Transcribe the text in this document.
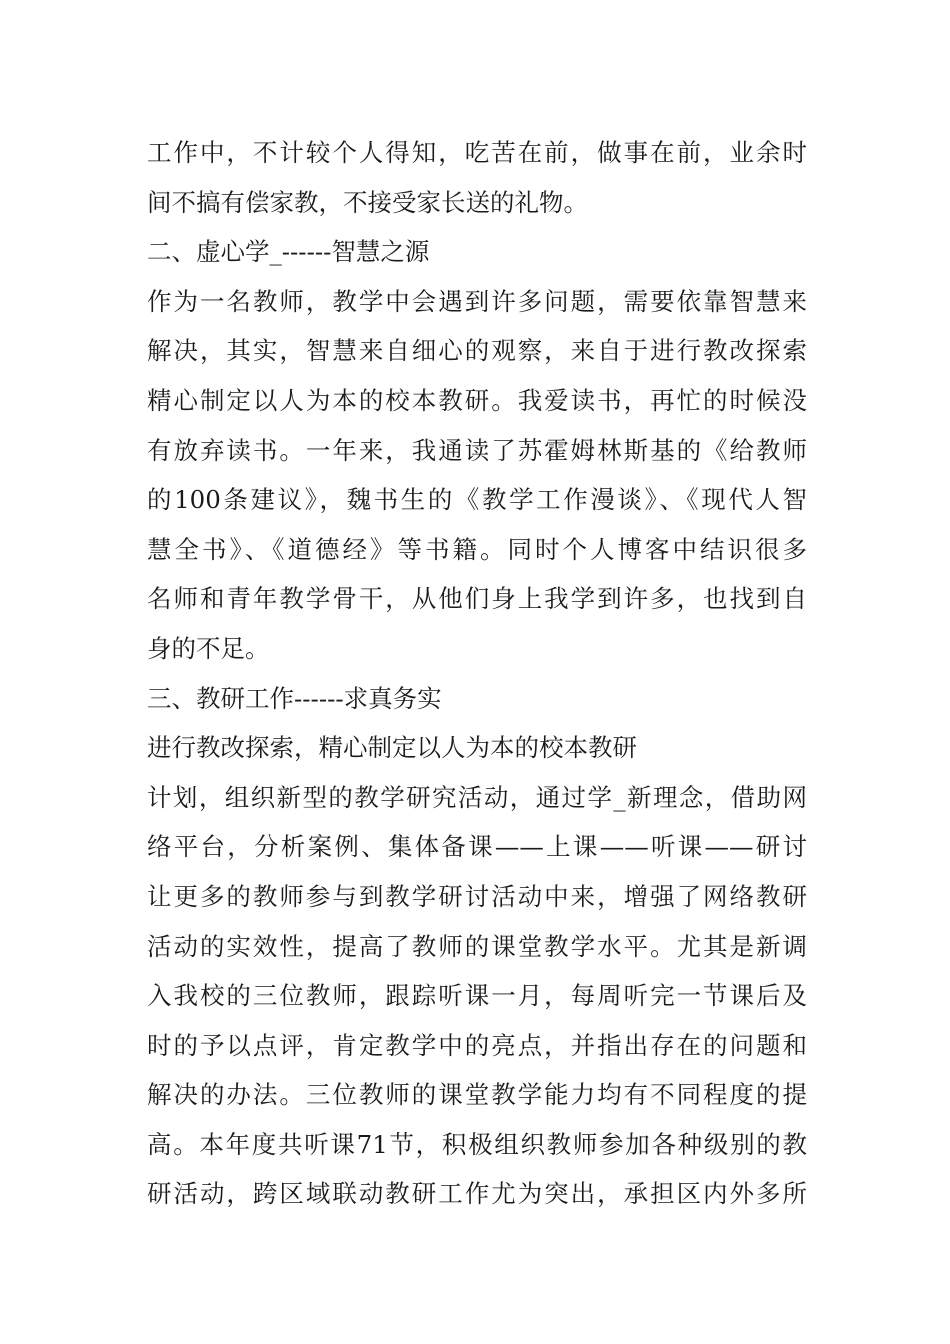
工作中，不计较个人得知，吃苦在前，做事在前，业余时
间不搞有偿家教，不接受家长送的礼物。
二、虚心学_------智慧之源
作为一名教师，教学中会遇到许多问题，需要依靠智慧来
解决，其实，智慧来自细心的观察，来自于进行教改探索
精心制定以人为本的校本教研。我爱读书，再忙的时候没
有放弃读书。一年来，我通读了苏霍姆林斯基的《给教师
的100条建议》，魏书生的《教学工作漫谈》、《现代人智
慧全书》、《道德经》等书籍。同时个人博客中结识很多
名师和青年教学骨干，从他们身上我学到许多，也找到自
身的不足。
三、教研工作------求真务实
进行教改探索，精心制定以人为本的校本教研
计划，组织新型的教学研究活动，通过学_新理念，借助网
络平台，分析案例、集体备课——上课——听课——研讨
让更多的教师参与到教学研讨活动中来，增强了网络教研
活动的实效性，提高了教师的课堂教学水平。尤其是新调
入我校的三位教师，跟踪听课一月，每周听完一节课后及
时的予以点评，肯定教学中的亮点，并指出存在的问题和
解决的办法。三位教师的课堂教学能力均有不同程度的提
高。本年度共听课71节，积极组织教师参加各种级别的教
研活动，跨区域联动教研工作尤为突出，承担区内外多所
